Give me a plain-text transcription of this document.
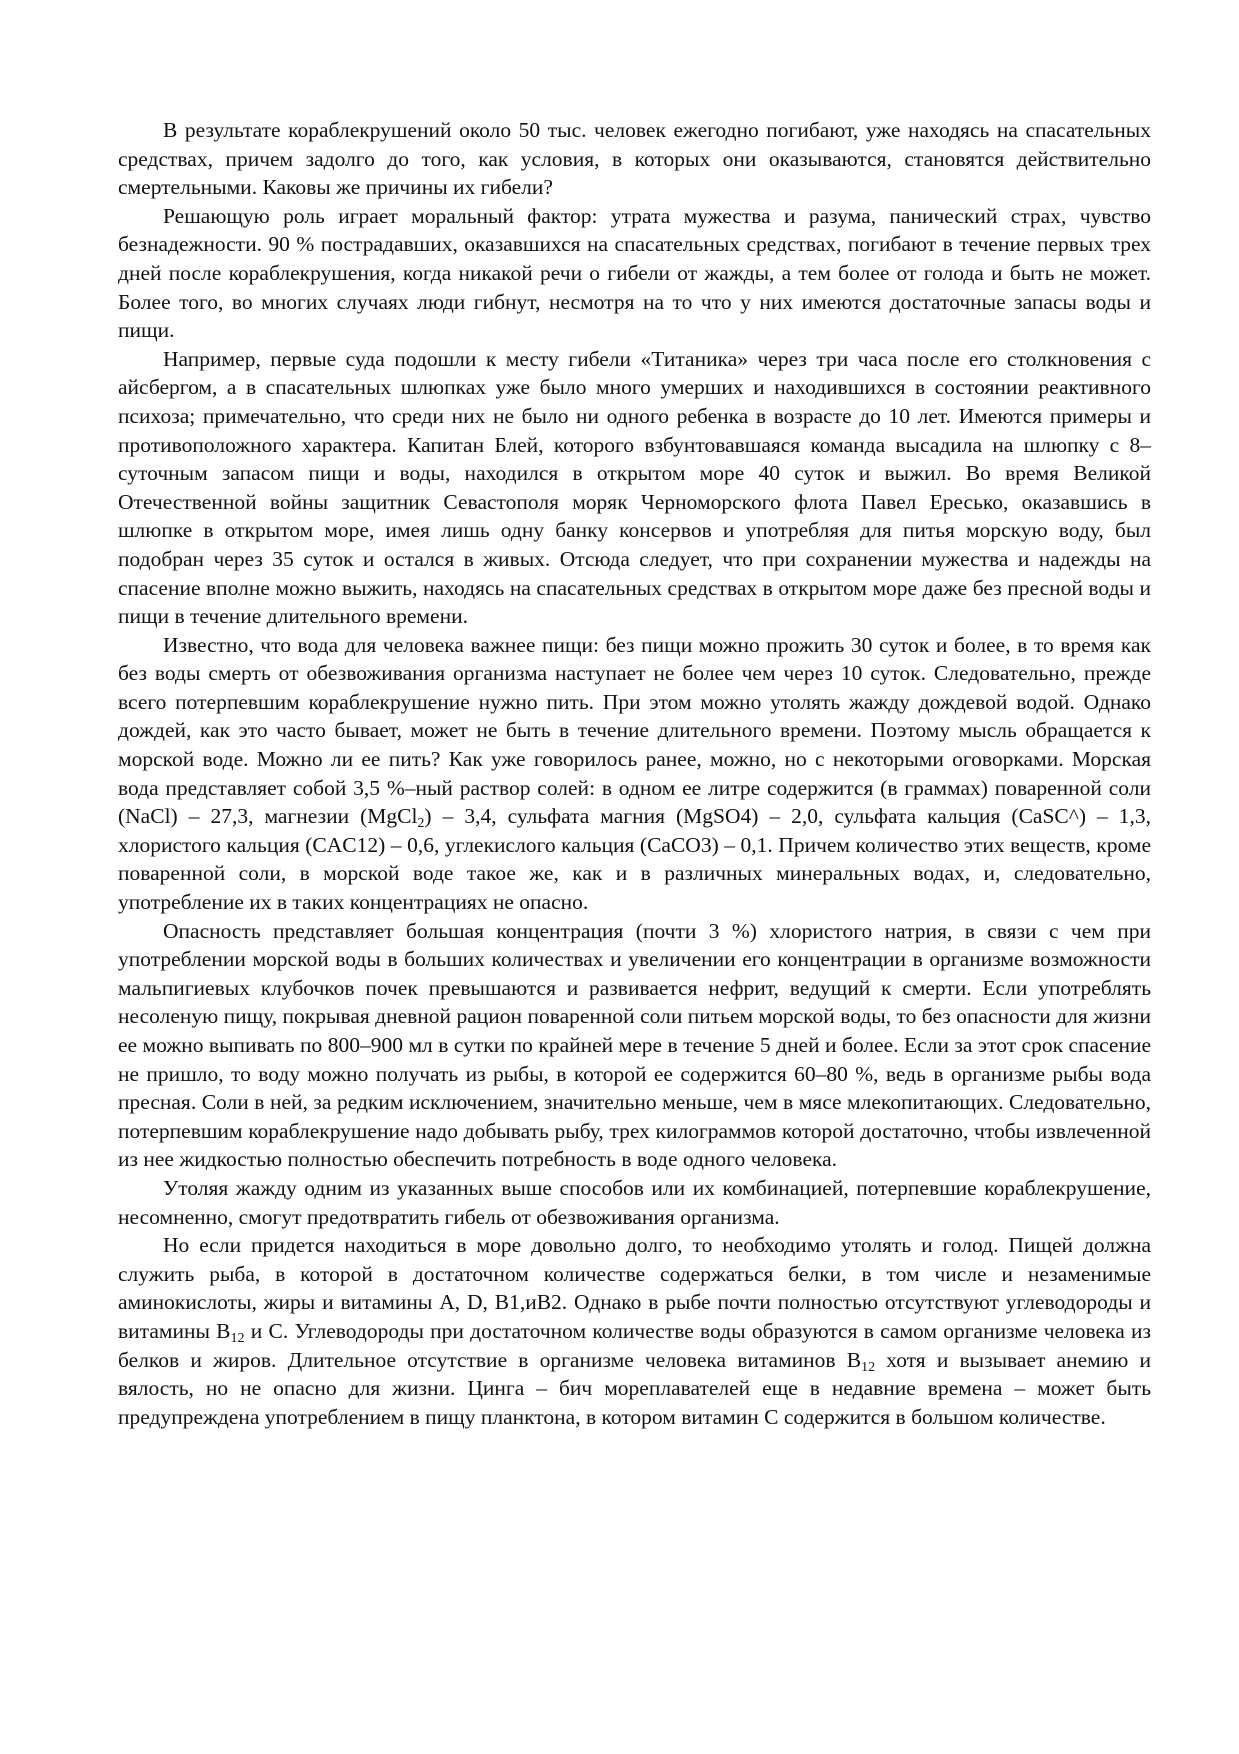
В результате кораблекрушений около 50 тыс. человек ежегодно погибают, уже находясь на спасательных средствах, причем задолго до того, как условия, в которых они оказываются, становятся действительно смертельными. Каковы же причины их гибели?

Решающую роль играет моральный фактор: утрата мужества и разума, панический страх, чувство безнадежности. 90 % пострадавших, оказавшихся на спасательных средствах, погибают в течение первых трех дней после кораблекрушения, когда никакой речи о гибели от жажды, а тем более от голода и быть не может. Более того, во многих случаях люди гибнут, несмотря на то что у них имеются достаточные запасы воды и пищи.

Например, первые суда подошли к месту гибели «Титаника» через три часа после его столкновения с айсбергом, а в спасательных шлюпках уже было много умерших и находившихся в состоянии реактивного психоза; примечательно, что среди них не было ни одного ребенка в возрасте до 10 лет. Имеются примеры и противоположного характера. Капитан Блей, которого взбунтовавшаяся команда высадила на шлюпку с 8–суточным запасом пищи и воды, находился в открытом море 40 суток и выжил. Во время Великой Отечественной войны защитник Севастополя моряк Черноморского флота Павел Ересько, оказавшись в шлюпке в открытом море, имея лишь одну банку консервов и употребляя для питья морскую воду, был подобран через 35 суток и остался в живых. Отсюда следует, что при сохранении мужества и надежды на спасение вполне можно выжить, находясь на спасательных средствах в открытом море даже без пресной воды и пищи в течение длительного времени.

Известно, что вода для человека важнее пищи: без пищи можно прожить 30 суток и более, в то время как без воды смерть от обезвоживания организма наступает не более чем через 10 суток. Следовательно, прежде всего потерпевшим кораблекрушение нужно пить. При этом можно утолять жажду дождевой водой. Однако дождей, как это часто бывает, может не быть в течение длительного времени. Поэтому мысль обращается к морской воде. Можно ли ее пить? Как уже говорилось ранее, можно, но с некоторыми оговорками. Морская вода представляет собой 3,5 %–ный раствор солей: в одном ее литре содержится (в граммах) поваренной соли (NaCl) – 27,3, магнезии (MgCl$_2$) – 3,4, сульфата магния (MgSO4) – 2,0, сульфата кальция (CaSC^) – 1,3, хлористого кальция (CAC12) – 0,6, углекислого кальция (CaCO3) – 0,1. Причем количество этих веществ, кроме поваренной соли, в морской воде такое же, как и в различных минеральных водах, и, следовательно, употребление их в таких концентрациях не опасно.

Опасность представляет большая концентрация (почти 3 %) хлористого натрия, в связи с чем при употреблении морской воды в больших количествах и увеличении его концентрации в организме возможности мальпигиевых клубочков почек превышаются и развивается нефрит, ведущий к смерти. Если употреблять несоленую пищу, покрывая дневной рацион поваренной соли питьем морской воды, то без опасности для жизни ее можно выпивать по 800–900 мл в сутки по крайней мере в течение 5 дней и более. Если за этот срок спасение не пришло, то воду можно получать из рыбы, в которой ее содержится 60–80 %, ведь в организме рыбы вода пресная. Соли в ней, за редким исключением, значительно меньше, чем в мясе млекопитающих. Следовательно, потерпевшим кораблекрушение надо добывать рыбу, трех килограммов которой достаточно, чтобы извлеченной из нее жидкостью полностью обеспечить потребность в воде одного человека.

Утоляя жажду одним из указанных выше способов или их комбинацией, потерпевшие кораблекрушение, несомненно, смогут предотвратить гибель от обезвоживания организма.

Но если придется находиться в море довольно долго, то необходимо утолять и голод. Пищей должна служить рыба, в которой в достаточном количестве содержаться белки, в том числе и незаменимые аминокислоты, жиры и витамины А, D, В1,иВ2. Однако в рыбе почти полностью отсутствуют углеводороды и витамины $В_{12}$ и С. Углеводороды при достаточном количестве воды образуются в самом организме человека из белков и жиров. Длительное отсутствие в организме человека витаминов $В_{12}$ хотя и вызывает анемию и вялость, но не опасно для жизни. Цинга – бич мореплавателей еще в недавние времена – может быть предупреждена употреблением в пищу планктона, в котором витамин С содержится в большом количестве.
